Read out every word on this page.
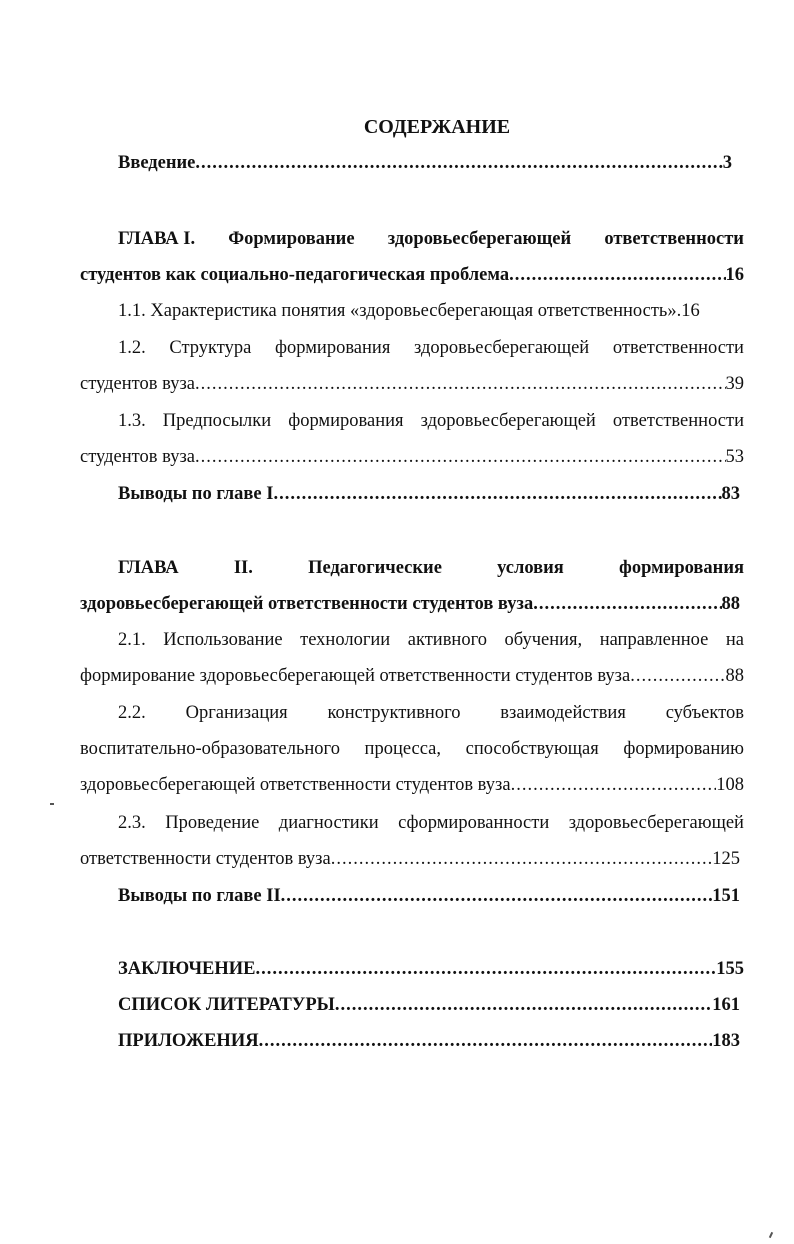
СОДЕРЖАНИЕ
Введение .....	3
ГЛАВА I. Формирование здоровьесберегающей ответственности
студентов как социально-педагогическая проблема .....	16
1.1. Характеристика понятия «здоровьесберегающая ответственность». 16
1.2. Структура формирования здоровьесберегающей ответственности
студентов вуза .....	39
1.3. Предпосылки формирования здоровьесберегающей ответственности
студентов вуза .....	53
Выводы по главе I .....	83
ГЛАВА	II.	Педагогические	условия	формирования
здоровьесберегающей ответственности студентов вуза .....	88
2.1. Использование технологии активного обучения, направленное на
формирование здоровьесберегающей ответственности студентов вуза .....	88
2.2. Организация конструктивного взаимодействия субъектов
воспитательно-образовательного процесса, способствующая формированию
здоровьесберегающей ответственности студентов вуза .....	108
2.3. Проведение диагностики сформированности здоровьесберегающей
ответственности студентов вуза .....	125
Выводы по главе II .....	151
ЗАКЛЮЧЕНИЕ .....	155
СПИСОК ЛИТЕРАТУРЫ .....	161
ПРИЛОЖЕНИЯ .....	183
